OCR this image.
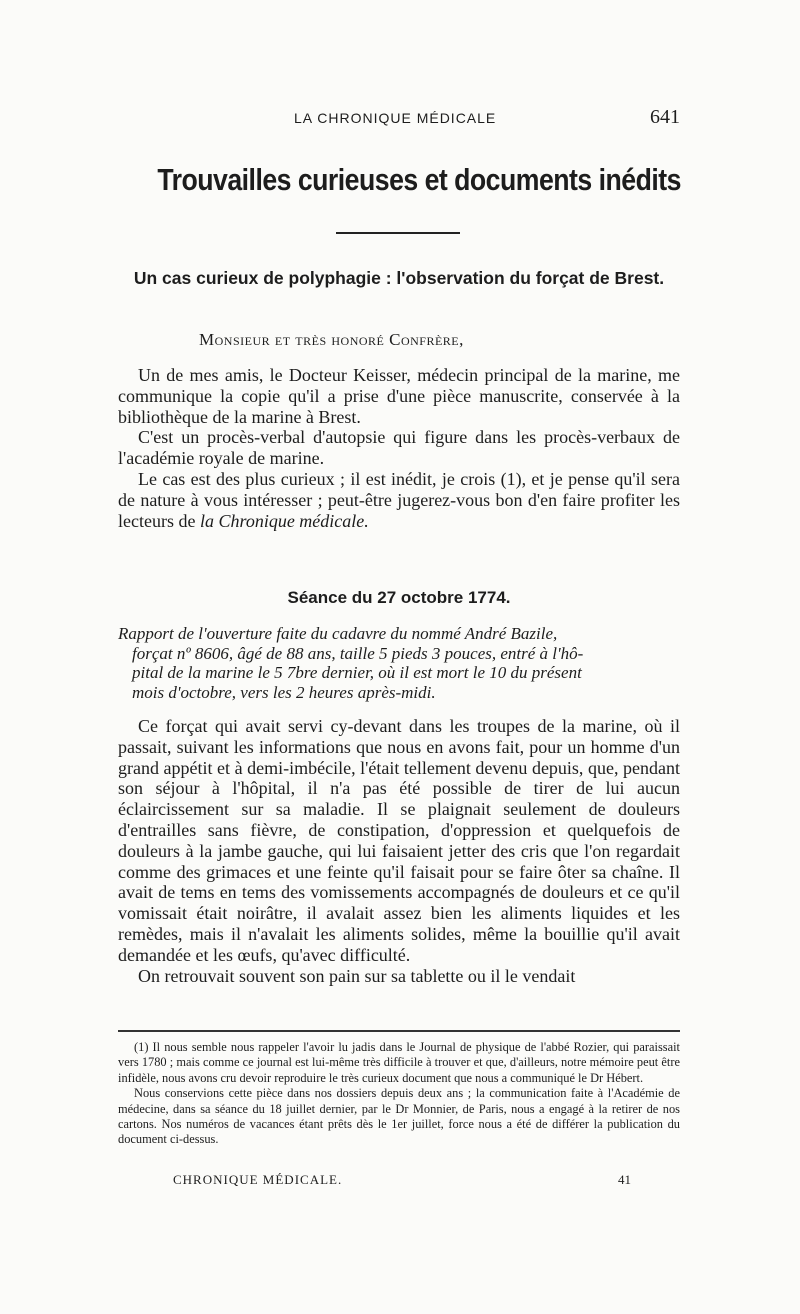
LA CHRONIQUE MÉDICALE	641
Trouvailles curieuses et documents inédits
Un cas curieux de polyphagie : l'observation du forçat de Brest.
Monsieur et très honoré Confrère,

Un de mes amis, le Docteur Keisser, médecin principal de la marine, me communique la copie qu'il a prise d'une pièce manuscrite, conservée à la bibliothèque de la marine à Brest.

C'est un procès-verbal d'autopsie qui figure dans les procès-verbaux de l'académie royale de marine.

Le cas est des plus curieux ; il est inédit, je crois (1), et je pense qu'il sera de nature à vous intéresser ; peut-être jugerez-vous bon d'en faire profiter les lecteurs de la Chronique médicale.

Séance du 27 octobre 1774.

Rapport de l'ouverture faite du cadavre du nommé André Bazile,

forçat nº 8606, âgé de 88 ans, taille 5 pieds 3 pouces, entré à l'hô-

pital de la marine le 5 7bre dernier, où il est mort le 10 du présent

mois d'octobre, vers les 2 heures après-midi.

Ce forçat qui avait servi cy-devant dans les troupes de la marine, où il passait, suivant les informations que nous en avons fait, pour un homme d'un grand appétit et à demi-imbécile, l'était tellement devenu depuis, que, pendant son séjour à l'hôpital, il n'a pas été possible de tirer de lui aucun éclaircissement sur sa maladie. Il se plaignait seulement de douleurs d'entrailles sans fièvre, de constipation, d'oppression et quelquefois de douleurs à la jambe gauche, qui lui faisaient jetter des cris que l'on regardait comme des grimaces et une feinte qu'il faisait pour se faire ôter sa chaîne. Il avait de tems en tems des vomissements accompagnés de douleurs et ce qu'il vomissait était noirâtre, il avalait assez bien les aliments liquides et les remèdes, mais il n'avalait les aliments solides, même la bouillie qu'il avait demandée et les œufs, qu'avec difficulté.

On retrouvait souvent son pain sur sa tablette ou il le vendait

(1) Il nous semble nous rappeler l'avoir lu jadis dans le Journal de physique de l'abbé Rozier, qui paraissait vers 1780 ; mais comme ce journal est lui-même très difficile à trouver et que, d'ailleurs, notre mémoire peut être infidèle, nous avons cru devoir reproduire le très curieux document que nous a communiqué le Dr Hébert.

Nous conservions cette pièce dans nos dossiers depuis deux ans ; la communication faite à l'Académie de médecine, dans sa séance du 18 juillet dernier, par le Dr Monnier, de Paris, nous a engagé à la retirer de nos cartons. Nos numéros de vacances étant prêts dès le 1er juillet, force nous a été de différer la publication du document ci-dessus.

CHRONIQUE MÉDICALE.	41
